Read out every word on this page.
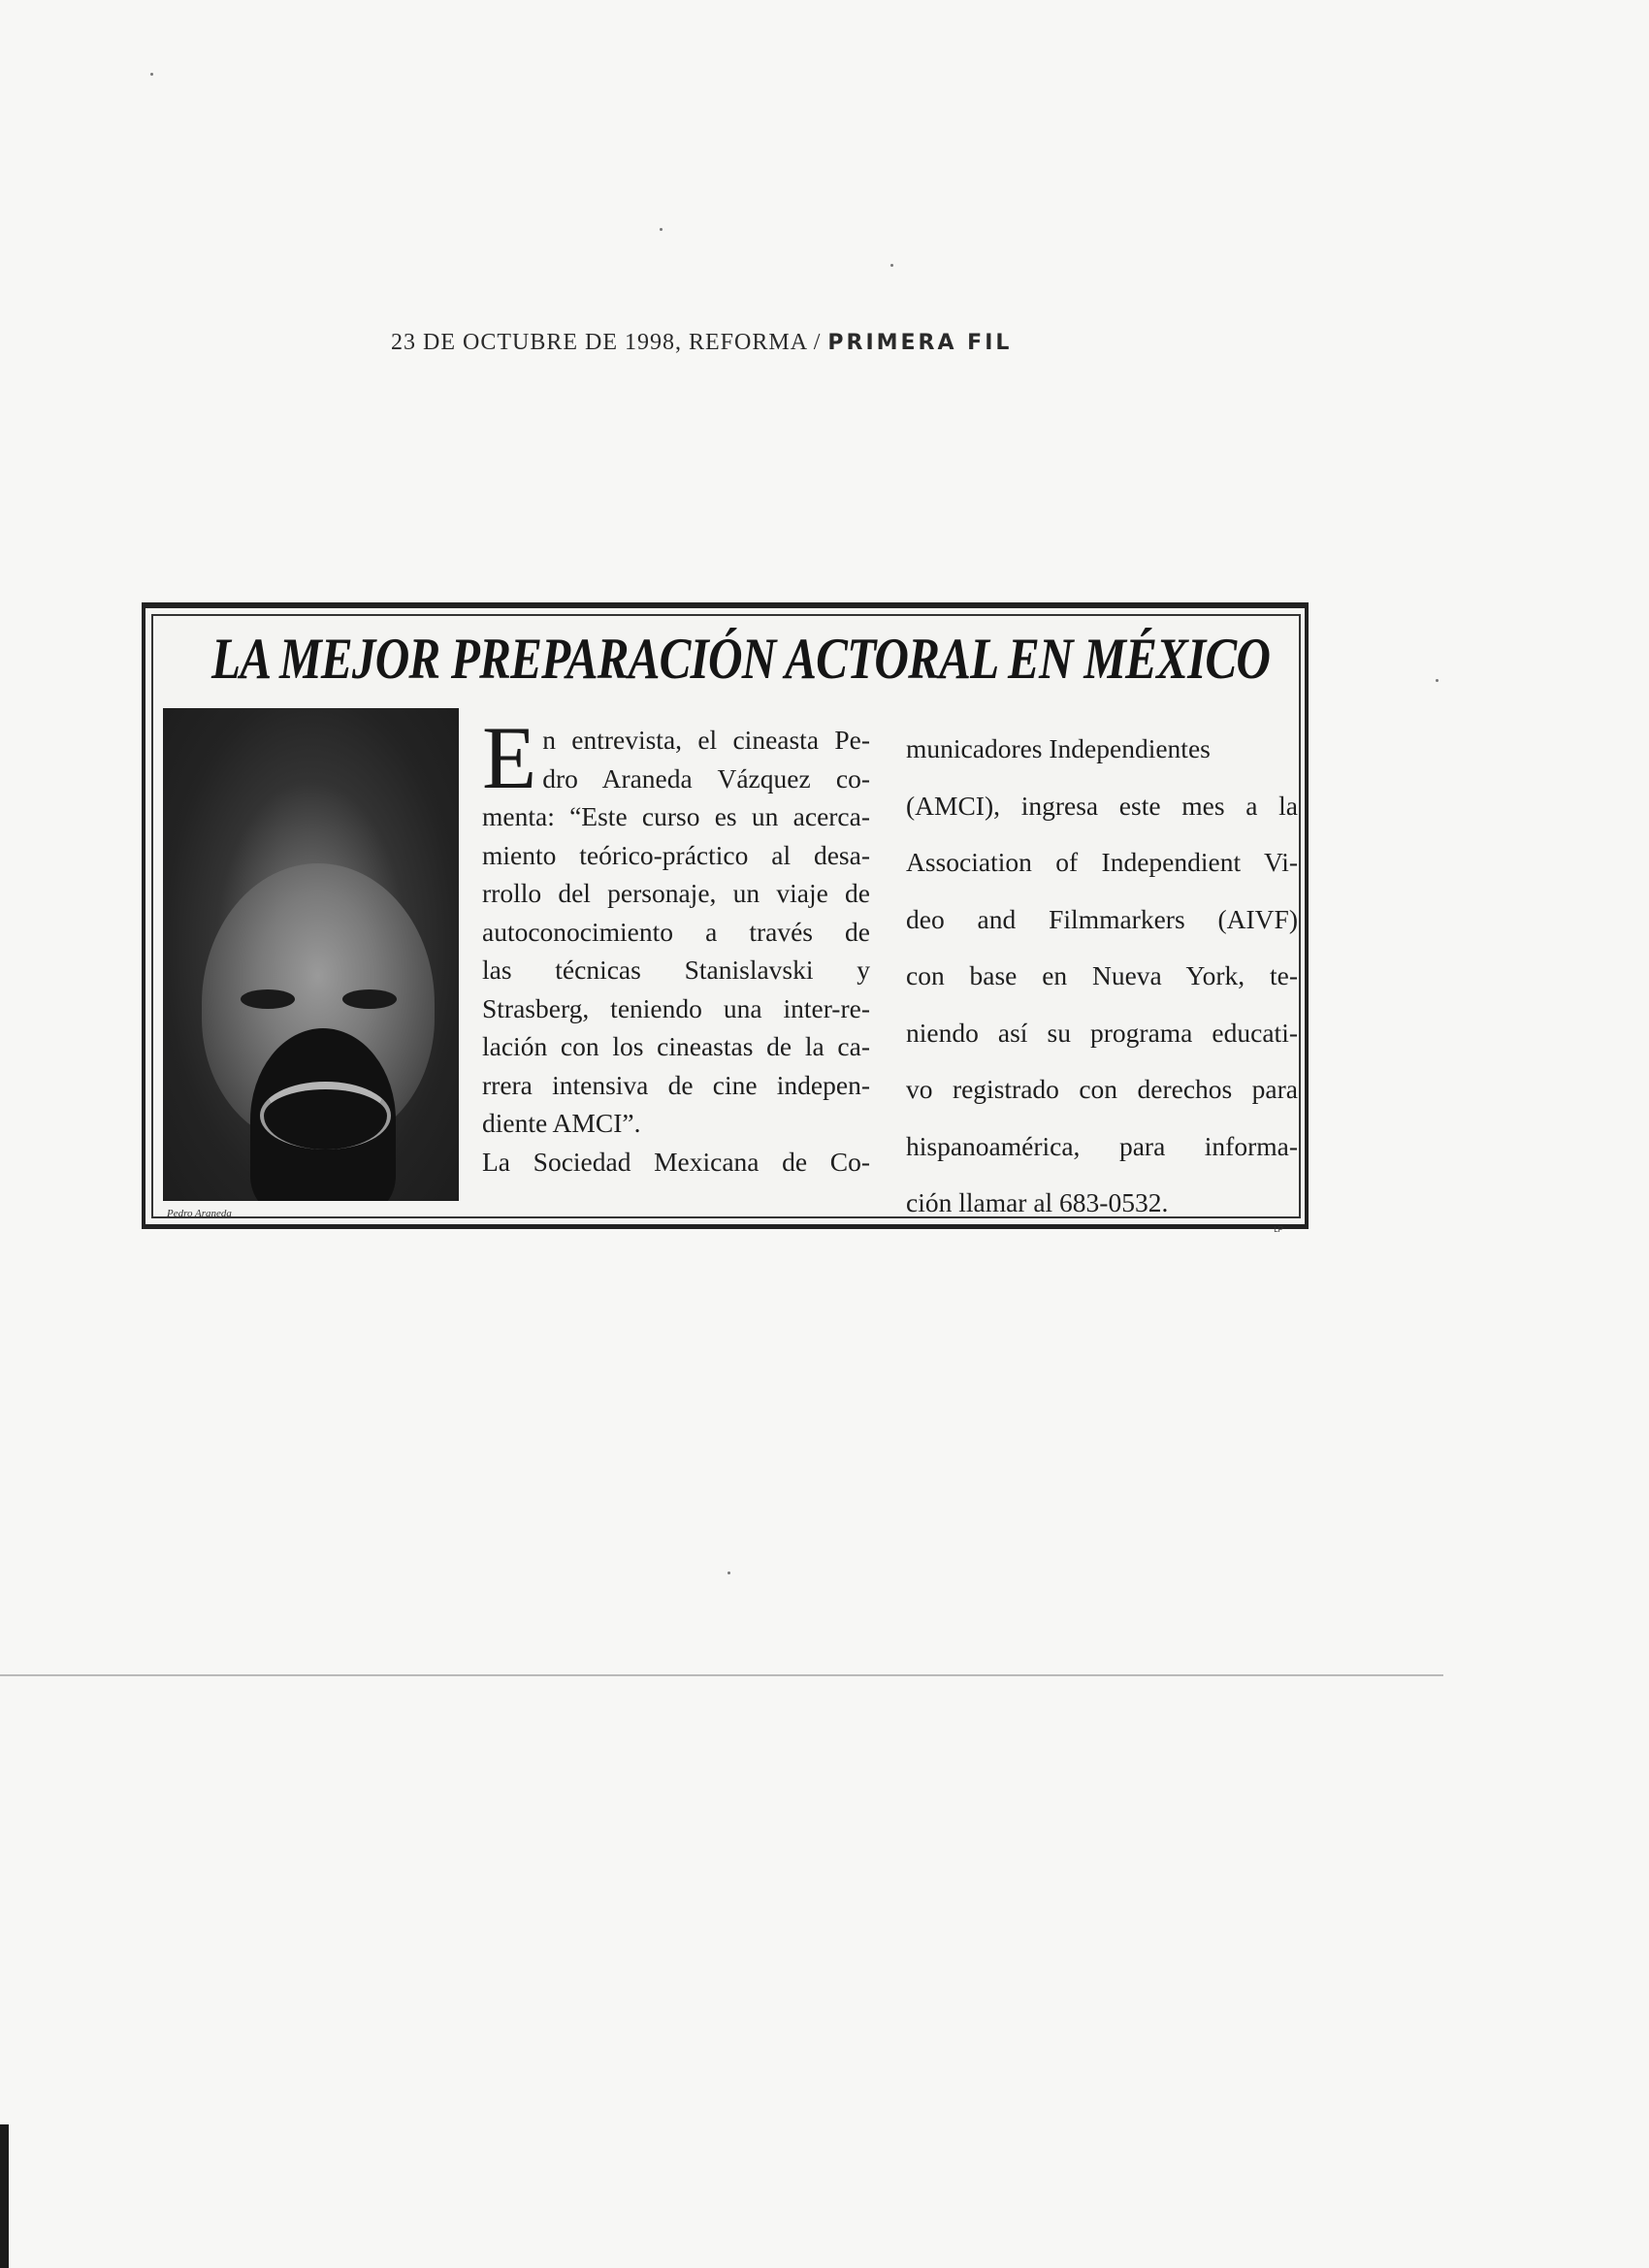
23 DE OCTUBRE DE 1998, REFORMA / PRIMERA FIL
LA MEJOR PREPARACIÓN ACTORAL EN MÉXICO
Pedro Araneda
E n entrevista, el cineasta Pe-

dro Araneda Vázquez co-

menta: “Este curso es un acerca-

miento teórico-práctico al desa-

rrollo del personaje, un viaje de

autoconocimiento a través de

las técnicas Stanislavski y

Strasberg, teniendo una inter-re-

lación con los cineastas de la ca-

rrera intensiva de cine indepen-

diente AMCI”.

La Sociedad Mexicana de Co-

municadores Independientes

(AMCI), ingresa este mes a la

Association of Independient Vi-

deo and Filmmarkers (AIVF)

con base en Nueva York, te-

niendo así su programa educati-

vo registrado con derechos para

hispanoamérica, para informa-

ción llamar al 683-0532.

LP
